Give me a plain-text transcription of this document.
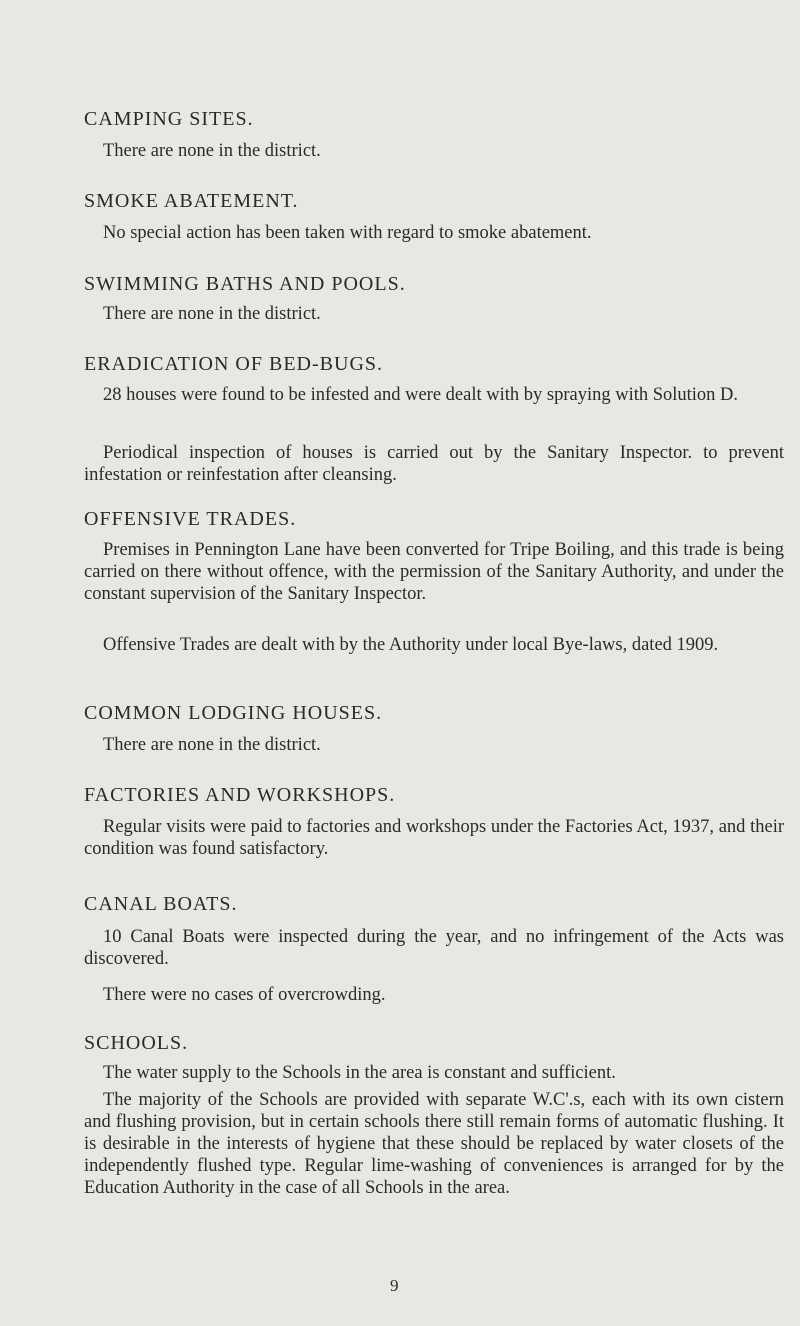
CAMPING SITES.

There are none in the district.

SMOKE ABATEMENT.

No special action has been taken with regard to smoke abatement.

SWIMMING BATHS AND POOLS.

There are none in the district.

ERADICATION OF BED-BUGS.

28 houses were found to be infested and were dealt with by spraying with Solution D.

Periodical inspection of houses is carried out by the Sanitary Inspector. to prevent infestation or reinfestation after cleansing.

OFFENSIVE TRADES.

Premises in Pennington Lane have been converted for Tripe Boiling, and this trade is being carried on there without offence, with the permission of the Sanitary Authority, and under the constant supervision of the Sanitary Inspector.

Offensive Trades are dealt with by the Authority under local Bye-laws, dated 1909.

COMMON LODGING HOUSES.

There are none in the district.

FACTORIES AND WORKSHOPS.

Regular visits were paid to factories and workshops under the Factories Act, 1937, and their condition was found satisfactory.

CANAL BOATS.

10 Canal Boats were inspected during the year, and no infringement of the Acts was discovered.

There were no cases of overcrowding.

SCHOOLS.

The water supply to the Schools in the area is constant and sufficient.

The majority of the Schools are provided with separate W.C'.s, each with its own cistern and flushing provision, but in certain schools there still remain forms of automatic flushing. It is desirable in the interests of hygiene that these should be replaced by water closets of the independently flushed type. Regular lime-washing of conveniences is arranged for by the Education Authority in the case of all Schools in the area.

9
